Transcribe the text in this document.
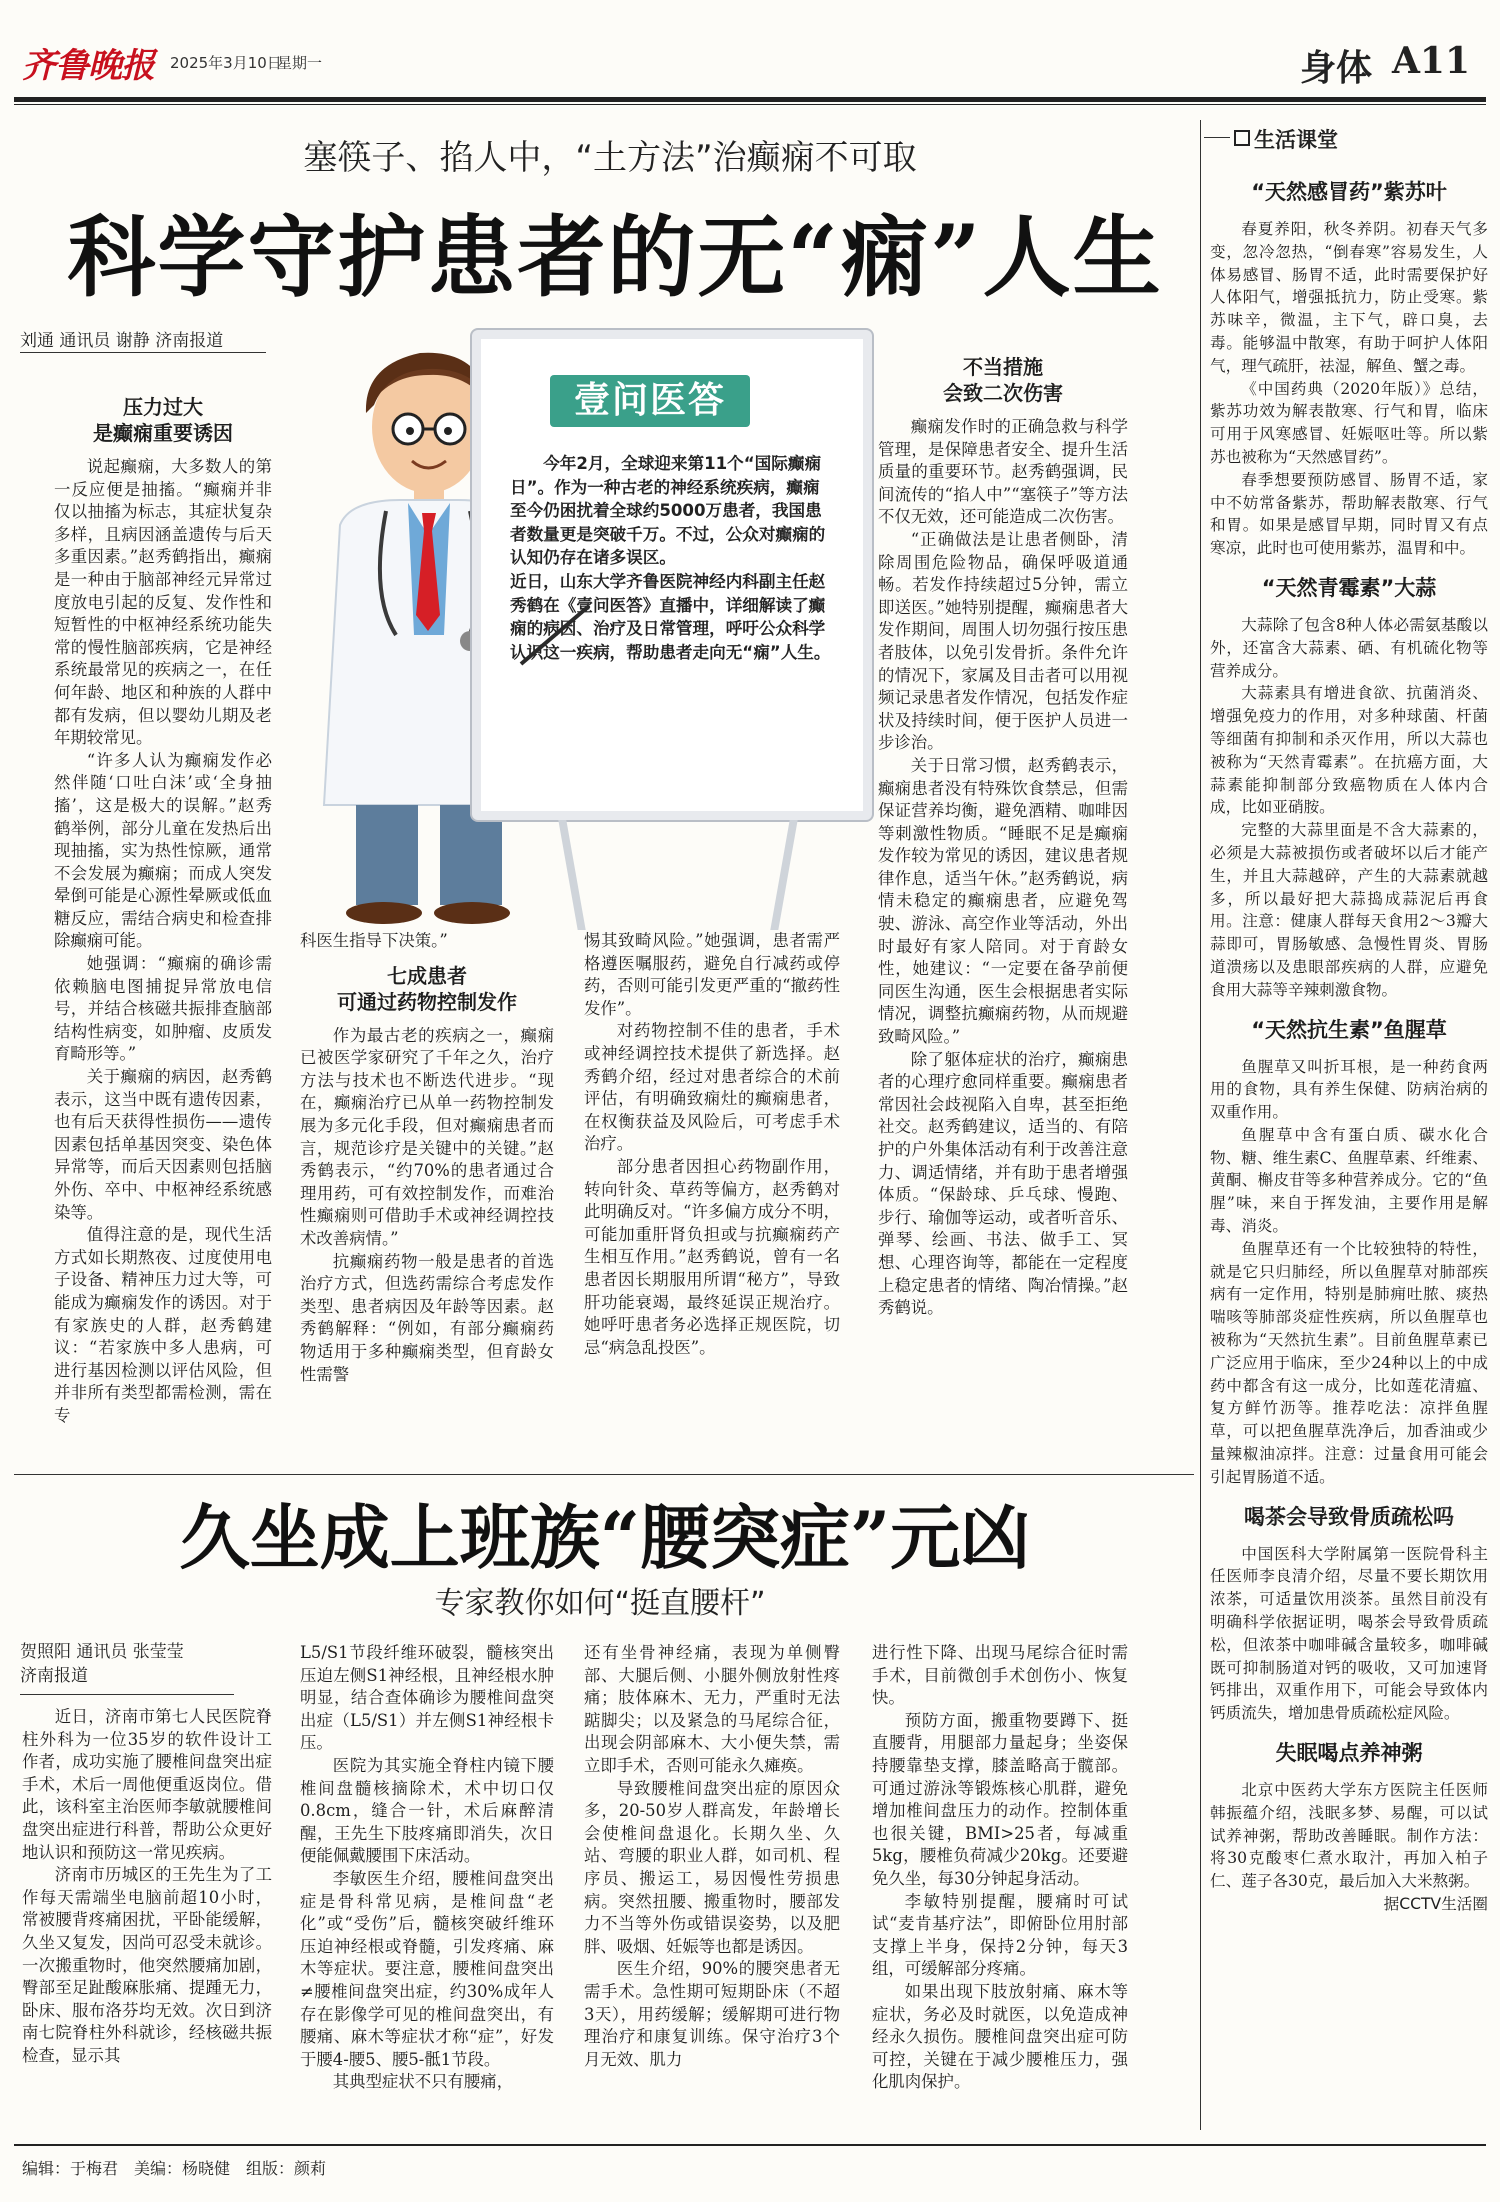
齐鲁晚报 2025年3月10日
星期一	身体 A11
塞筷子、掐人中，“土方法”治癫痫不可取
科学守护患者的无“痫”人生
刘通 通讯员 谢静 济南报道
壹问医答
今年2月，全球迎来第11个“国际癫痫日”。作为一种古老的神经系统疾病，癫痫至今仍困扰着全球约5000万患者，我国患者数量更是突破千万。不过，公众对癫痫的认知仍存在诸多误区。
近日，山东大学齐鲁医院神经内科副主任赵秀鹤在《壹问医答》直播中，详细解读了癫痫的病因、治疗及日常管理，呼吁公众科学认识这一疾病，帮助患者走向无“痫”人生。
压力过大
是癫痫重要诱因

说起癫痫，大多数人的第一反应便是抽搐。“癫痫并非仅以抽搐为标志，其症状复杂多样，且病因涵盖遗传与后天多重因素。”赵秀鹤指出，癫痫是一种由于脑部神经元异常过度放电引起的反复、发作性和短暂性的中枢神经系统功能失常的慢性脑部疾病，它是神经系统最常见的疾病之一，在任何年龄、地区和种族的人群中都有发病，但以婴幼儿期及老年期较常见。

“许多人认为癫痫发作必然伴随‘口吐白沫’或‘全身抽搐’，这是极大的误解。”赵秀鹤举例，部分儿童在发热后出现抽搐，实为热性惊厥，通常不会发展为癫痫；而成人突发晕倒可能是心源性晕厥或低血糖反应，需结合病史和检查排除癫痫可能。

她强调：“癫痫的确诊需依赖脑电图捕捉异常放电信号，并结合核磁共振排查脑部结构性病变，如肿瘤、皮质发育畸形等。”

关于癫痫的病因，赵秀鹤表示，这当中既有遗传因素，也有后天获得性损伤——遗传因素包括单基因突变、染色体异常等，而后天因素则包括脑外伤、卒中、中枢神经系统感染等。

值得注意的是，现代生活方式如长期熬夜、过度使用电子设备、精神压力过大等，可能成为癫痫发作的诱因。对于有家族史的人群，赵秀鹤建议：“若家族中多人患病，可进行基因检测以评估风险，但并非所有类型都需检测，需在专

科医生指导下决策。”

七成患者
可通过药物控制发作

作为最古老的疾病之一，癫痫已被医学家研究了千年之久，治疗方法与技术也不断迭代进步。“现在，癫痫治疗已从单一药物控制发展为多元化手段，但对癫痫患者而言，规范诊疗是关键中的关键。”赵秀鹤表示，“约70%的患者通过合理用药，可有效控制发作，而难治性癫痫则可借助手术或神经调控技术改善病情。”

抗癫痫药物一般是患者的首选治疗方式，但选药需综合考虑发作类型、患者病因及年龄等因素。赵秀鹤解释：“例如，有部分癫痫药物适用于多种癫痫类型，但育龄女性需警

惕其致畸风险。”她强调，患者需严格遵医嘱服药，避免自行减药或停药，否则可能引发更严重的“撤药性发作”。

对药物控制不佳的患者，手术或神经调控技术提供了新选择。赵秀鹤介绍，经过对患者综合的术前评估，有明确致痫灶的癫痫患者，在权衡获益及风险后，可考虑手术治疗。

部分患者因担心药物副作用，转向针灸、草药等偏方，赵秀鹤对此明确反对。“许多偏方成分不明，可能加重肝肾负担或与抗癫痫药产生相互作用。”赵秀鹤说，曾有一名患者因长期服用所谓“秘方”，导致肝功能衰竭，最终延误正规治疗。她呼吁患者务必选择正规医院，切忌“病急乱投医”。

不当措施
会致二次伤害

癫痫发作时的正确急救与科学管理，是保障患者安全、提升生活质量的重要环节。赵秀鹤强调，民间流传的“掐人中”“塞筷子”等方法不仅无效，还可能造成二次伤害。

“正确做法是让患者侧卧，清除周围危险物品，确保呼吸道通畅。若发作持续超过5分钟，需立即送医。”她特别提醒，癫痫患者大发作期间，周围人切勿强行按压患者肢体，以免引发骨折。条件允许的情况下，家属及目击者可以用视频记录患者发作情况，包括发作症状及持续时间，便于医护人员进一步诊治。

关于日常习惯，赵秀鹤表示，癫痫患者没有特殊饮食禁忌，但需保证营养均衡，避免酒精、咖啡因等刺激性物质。“睡眠不足是癫痫发作较为常见的诱因，建议患者规律作息，适当午休。”赵秀鹤说，病情未稳定的癫痫患者，应避免驾驶、游泳、高空作业等活动，外出时最好有家人陪同。对于育龄女性，她建议：“一定要在备孕前便同医生沟通，医生会根据患者实际情况，调整抗癫痫药物，从而规避致畸风险。”

除了躯体症状的治疗，癫痫患者的心理疗愈同样重要。癫痫患者常因社会歧视陷入自卑，甚至拒绝社交。赵秀鹤建议，适当的、有陪护的户外集体活动有利于改善注意力、调适情绪，并有助于患者增强体质。“保龄球、乒乓球、慢跑、步行、瑜伽等运动，或者听音乐、弹琴、绘画、书法、做手工、冥想、心理咨询等，都能在一定程度上稳定患者的情绪、陶冶情操。”赵秀鹤说。

久坐成上班族“腰突症”元凶
专家教你如何“挺直腰杆”
贺照阳 通讯员 张莹莹
济南报道

近日，济南市第七人民医院脊柱外科为一位35岁的软件设计工作者，成功实施了腰椎间盘突出症手术，术后一周他便重返岗位。借此，该科室主治医师李敏就腰椎间盘突出症进行科普，帮助公众更好地认识和预防这一常见疾病。

济南市历城区的王先生为了工作每天需端坐电脑前超10小时，常被腰背疼痛困扰，平卧能缓解，久坐又复发，因尚可忍受未就诊。一次搬重物时，他突然腰痛加剧，臀部至足趾酸麻胀痛、提踵无力，卧床、服布洛芬均无效。次日到济南七院脊柱外科就诊，经核磁共振检查，显示其

L5/S1节段纤维环破裂，髓核突出压迫左侧S1神经根，且神经根水肿明显，结合查体确诊为腰椎间盘突出症（L5/S1）并左侧S1神经根卡压。

医院为其实施全脊柱内镜下腰椎间盘髓核摘除术，术中切口仅0.8cm，缝合一针，术后麻醉清醒，王先生下肢疼痛即消失，次日便能佩戴腰围下床活动。

李敏医生介绍，腰椎间盘突出症是骨科常见病，是椎间盘“老化”或“受伤”后，髓核突破纤维环压迫神经根或脊髓，引发疼痛、麻木等症状。要注意，腰椎间盘突出≠腰椎间盘突出症，约30%成年人存在影像学可见的椎间盘突出，有腰痛、麻木等症状才称“症”，好发于腰4-腰5、腰5-骶1节段。

其典型症状不只有腰痛，

还有坐骨神经痛，表现为单侧臀部、大腿后侧、小腿外侧放射性疼痛；肢体麻木、无力，严重时无法踮脚尖；以及紧急的马尾综合征，出现会阴部麻木、大小便失禁，需立即手术，否则可能永久瘫痪。

导致腰椎间盘突出症的原因众多，20-50岁人群高发，年龄增长会使椎间盘退化。长期久坐、久站、弯腰的职业人群，如司机、程序员、搬运工，易因慢性劳损患病。突然扭腰、搬重物时，腰部发力不当等外伤或错误姿势，以及肥胖、吸烟、妊娠等也都是诱因。

医生介绍，90%的腰突患者无需手术。急性期可短期卧床（不超3天），用药缓解；缓解期可进行物理治疗和康复训练。保守治疗3个月无效、肌力

进行性下降、出现马尾综合征时需手术，目前微创手术创伤小、恢复快。

预防方面，搬重物要蹲下、挺直腰背，用腿部力量起身；坐姿保持腰靠垫支撑，膝盖略高于髋部。可通过游泳等锻炼核心肌群，避免增加椎间盘压力的动作。控制体重也很关键，BMI>25者，每减重5kg，腰椎负荷减少20kg。还要避免久坐，每30分钟起身活动。

李敏特别提醒，腰痛时可试试“麦肯基疗法”，即俯卧位用肘部支撑上半身，保持2分钟，每天3组，可缓解部分疼痛。

如果出现下肢放射痛、麻木等症状，务必及时就医，以免造成神经永久损伤。腰椎间盘突出症可防可控，关键在于减少腰椎压力，强化肌肉保护。

生活课堂
“天然感冒药”紫苏叶

春夏养阳，秋冬养阴。初春天气多变，忽冷忽热，“倒春寒”容易发生，人体易感冒、肠胃不适，此时需要保护好人体阳气，增强抵抗力，防止受寒。紫苏味辛，微温，主下气，辟口臭，去毒。能够温中散寒，有助于呵护人体阳气，理气疏肝，祛湿，解鱼、蟹之毒。

《中国药典（2020年版）》总结，紫苏功效为解表散寒、行气和胃，临床可用于风寒感冒、妊娠呕吐等。所以紫苏也被称为“天然感冒药”。

春季想要预防感冒、肠胃不适，家中不妨常备紫苏，帮助解表散寒、行气和胃。如果是感冒早期，同时胃又有点寒凉，此时也可使用紫苏，温胃和中。

“天然青霉素”大蒜

大蒜除了包含8种人体必需氨基酸以外，还富含大蒜素、硒、有机硫化物等营养成分。

大蒜素具有增进食欲、抗菌消炎、增强免疫力的作用，对多种球菌、杆菌等细菌有抑制和杀灭作用，所以大蒜也被称为“天然青霉素”。在抗癌方面，大蒜素能抑制部分致癌物质在人体内合成，比如亚硝胺。

完整的大蒜里面是不含大蒜素的，必须是大蒜被损伤或者破坏以后才能产生，并且大蒜越碎，产生的大蒜素就越多，所以最好把大蒜捣成蒜泥后再食用。注意：健康人群每天食用2～3瓣大蒜即可，胃肠敏感、急慢性胃炎、胃肠道溃疡以及患眼部疾病的人群，应避免食用大蒜等辛辣刺激食物。

“天然抗生素”鱼腥草

鱼腥草又叫折耳根，是一种药食两用的食物，具有养生保健、防病治病的双重作用。

鱼腥草中含有蛋白质、碳水化合物、糖、维生素C、鱼腥草素、纤维素、黄酮、槲皮苷等多种营养成分。它的“鱼腥”味，来自于挥发油，主要作用是解毒、消炎。

鱼腥草还有一个比较独特的特性，就是它只归肺经，所以鱼腥草对肺部疾病有一定作用，特别是肺痈吐脓、痰热喘咳等肺部炎症性疾病，所以鱼腥草也被称为“天然抗生素”。目前鱼腥草素已广泛应用于临床，至少24种以上的中成药中都含有这一成分，比如莲花清瘟、复方鲜竹沥等。推荐吃法：凉拌鱼腥草，可以把鱼腥草洗净后，加香油或少量辣椒油凉拌。注意：过量食用可能会引起胃肠道不适。

喝茶会导致骨质疏松吗

中国医科大学附属第一医院骨科主任医师李良清介绍，尽量不要长期饮用浓茶，可适量饮用淡茶。虽然目前没有明确科学依据证明，喝茶会导致骨质疏松，但浓茶中咖啡碱含量较多，咖啡碱既可抑制肠道对钙的吸收，又可加速肾钙排出，双重作用下，可能会导致体内钙质流失，增加患骨质疏松症风险。

失眠喝点养神粥

北京中医药大学东方医院主任医师韩振蕴介绍，浅眠多梦、易醒，可以试试养神粥，帮助改善睡眠。制作方法：将30克酸枣仁煮水取汁，再加入柏子仁、莲子各30克，最后加入大米熬粥。

据CCTV生活圈

编辑：于梅君　美编：杨晓健　组版：颜莉
